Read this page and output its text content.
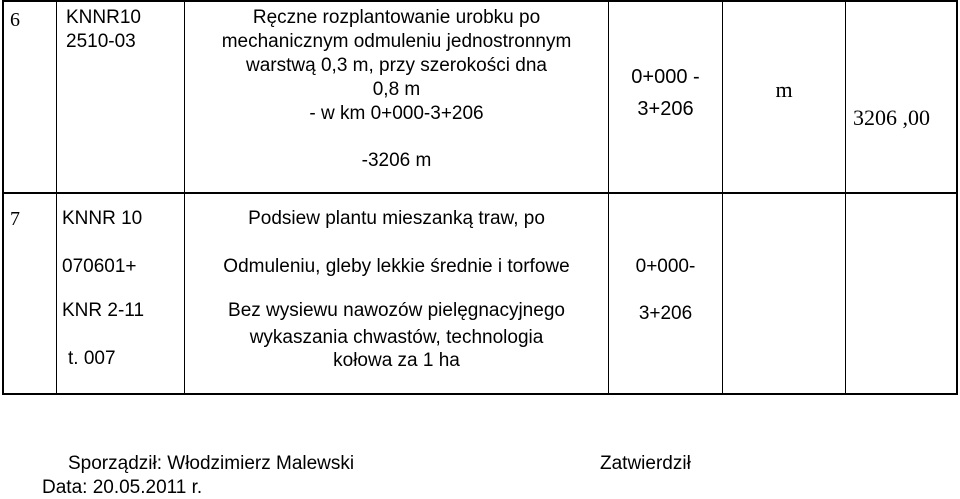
6 KNNR10
2510-03
Ręczne rozplantowanie urobku po
mechanicznym odmuleniu jednostronnym
warstwą 0,3 m, przy szerokości dna
0,8 m
- w km 0+000-3+206
-3206 m
0+000 -
3+206
m
3206 ,00
7 KNNR 10
070601+
KNR 2-11
t. 007
Podsiew plantu mieszanką traw, po
Odmuleniu, gleby lekkie średnie i torfowe
Bez wysiewu nawozów pielęgnacyjnego
wykaszania chwastów, technologia
kołowa za 1 ha
0+000-
3+206
Sporządził: Włodzimierz Malewski	Zatwierdził
Data: 20.05.2011 r.
